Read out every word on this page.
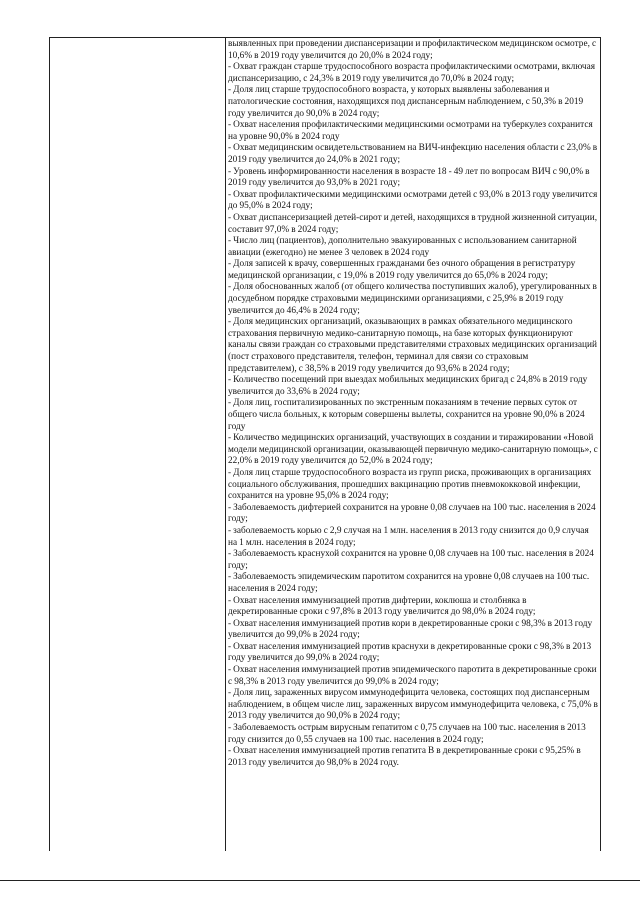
выявленных при проведении диспансеризации и профилактическом медицинском осмотре, с 10,6% в 2019 году увеличится до 20,0% в 2024 году;

- Охват граждан старше трудоспособного возраста профилактическими осмотрами, включая диспансеризацию, с 24,3% в 2019 году увеличится до 70,0% в 2024 году;

- Доля лиц старше трудоспособного возраста, у которых выявлены заболевания и патологические состояния, находящихся под диспансерным наблюдением, с 50,3% в 2019 году увеличится до 90,0% в 2024 году;

- Охват населения профилактическими медицинскими осмотрами на туберкулез сохранится на уровне 90,0% в 2024 году

- Охват медицинским освидетельствованием на ВИЧ-инфекцию населения области с 23,0% в 2019 году увеличится до 24,0% в 2021 году;

- Уровень информированности населения в возрасте 18 - 49 лет по вопросам ВИЧ с 90,0% в 2019 году увеличится до 93,0% в 2021 году;

- Охват профилактическими медицинскими осмотрами детей с 93,0% в 2013 году увеличится до 95,0% в 2024 году;

- Охват диспансеризацией детей-сирот и детей, находящихся в трудной жизненной ситуации, составит 97,0% в 2024 году;

- Число лиц (пациентов), дополнительно эвакуированных с использованием санитарной авиации (ежегодно) не менее 3 человек в 2024 году

- Доля записей к врачу, совершенных гражданами без очного обращения в регистратуру медицинской организации, с 19,0% в 2019 году увеличится до 65,0% в 2024 году;

- Доля обоснованных жалоб (от общего количества поступивших жалоб), урегулированных в досудебном порядке страховыми медицинскими организациями, с 25,9% в 2019 году увеличится до 46,4% в 2024 году;

- Доля медицинских организаций, оказывающих в рамках обязательного медицинского страхования первичную медико-санитарную помощь, на базе которых функционируют каналы связи граждан со страховыми представителями страховых медицинских организаций (пост страхового представителя, телефон, терминал для связи со страховым представителем), с 38,5% в 2019 году увеличится до 93,6% в 2024 году;

- Количество посещений при выездах мобильных медицинских бригад с 24,8% в 2019 году увеличится до 33,6% в 2024 году;

- Доля лиц, госпитализированных по экстренным показаниям в течение первых суток от общего числа больных, к которым совершены вылеты, сохранится на уровне 90,0% в 2024 году

- Количество медицинских организаций, участвующих в создании и тиражировании «Новой модели медицинской организации, оказывающей первичную медико-санитарную помощь», с 22,0% в 2019 году увеличится до 52,0% в 2024 году;

- Доля лиц старше трудоспособного возраста из групп риска, проживающих в организациях социального обслуживания, прошедших вакцинацию против пневмококковой инфекции, сохранится на уровне 95,0% в 2024 году;

- Заболеваемость дифтерией сохранится на уровне 0,08 случаев на 100 тыс. населения в 2024 году;

- заболеваемость корью с 2,9 случая на 1 млн. населения в 2013 году снизится до 0,9 случая на 1 млн. населения в 2024 году;

- Заболеваемость краснухой сохранится на уровне 0,08 случаев на 100 тыс. населения в 2024 году;

- Заболеваемость эпидемическим паротитом сохранится на уровне 0,08 случаев на 100 тыс. населения в 2024 году;

- Охват населения иммунизацией против дифтерии, коклюша и столбняка в декретированные сроки с 97,8% в 2013 году увеличится до 98,0% в 2024 году;

- Охват населения иммунизацией против кори в декретированные сроки с 98,3% в 2013 году увеличится до 99,0% в 2024 году;

- Охват населения иммунизацией против краснухи в декретированные сроки с 98,3% в 2013 году увеличится до 99,0% в 2024 году;

- Охват населения иммунизацией против эпидемического паротита в декретированные сроки с 98,3% в 2013 году увеличится до 99,0% в 2024 году;

- Доля лиц, зараженных вирусом иммунодефицита человека, состоящих под диспансерным наблюдением, в общем числе лиц, зараженных вирусом иммунодефицита человека, с 75,0% в 2013 году увеличится до 90,0% в 2024 году;

- Заболеваемость острым вирусным гепатитом с 0,75 случаев на 100 тыс. населения в 2013 году снизится до 0,55 случаев на 100 тыс. населения в 2024 году;

- Охват населения иммунизацией против гепатита В в декретированные сроки с 95,25% в 2013 году увеличится до 98,0% в 2024 году.
